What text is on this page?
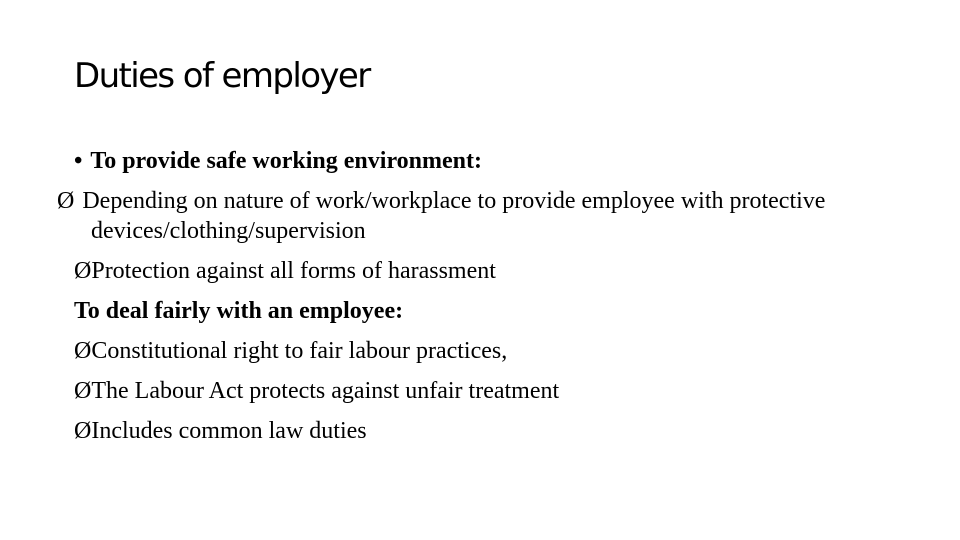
Duties of employer
• To provide safe working environment:
Ø Depending on nature of work/workplace to provide employee with protective devices/clothing/supervision
ØProtection against all forms of harassment
To deal fairly with an employee:
ØConstitutional right to fair labour practices,
ØThe Labour Act protects against unfair treatment
ØIncludes common law duties
